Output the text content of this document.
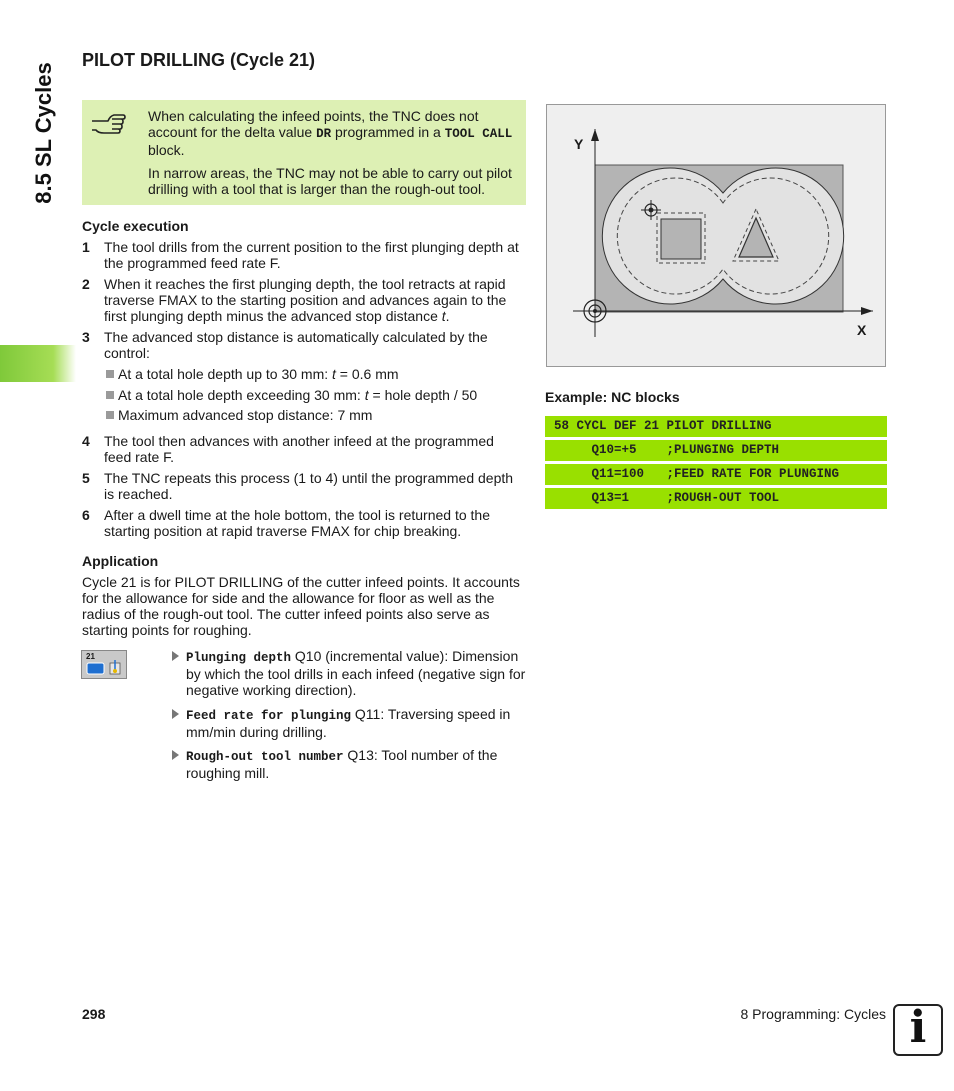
8.5 SL Cycles
PILOT DRILLING (Cycle 21)

When calculating the infeed points, the TNC does not account for the delta value DR programmed in a TOOL CALL block.

In narrow areas, the TNC may not be able to carry out pilot drilling with a tool that is larger than the rough-out tool.

Cycle execution
1 The tool drills from the current position to the first plunging depth at the programmed feed rate F.
2 When it reaches the first plunging depth, the tool retracts at rapid traverse FMAX to the starting position and advances again to the first plunging depth minus the advanced stop distance t.
3 The advanced stop distance is automatically calculated by the control:
At a total hole depth up to 30 mm: t = 0.6 mm
At a total hole depth exceeding 30 mm: t = hole depth / 50
Maximum advanced stop distance: 7 mm
4 The tool then advances with another infeed at the programmed feed rate F.
5 The TNC repeats this process (1 to 4) until the programmed depth is reached.
6 After a dwell time at the hole bottom, the tool is returned to the starting position at rapid traverse FMAX for chip breaking.
Application
Cycle 21 is for PILOT DRILLING of the cutter infeed points. It accounts for the allowance for side and the allowance for floor as well as the radius of the rough-out tool. The cutter infeed points also serve as starting points for roughing.
21	Plunging depth Q10 (incremental value): Dimension by which the tool drills in each infeed (negative sign for negative working direction).
Feed rate for plunging Q11: Traversing speed in mm/min during drilling.
Rough-out tool number Q13: Tool number of the roughing mill.
Y
X
Example: NC blocks
58 CYCL DEF 21 PILOT DRILLING
Q10=+5    ;PLUNGING DEPTH
Q11=100   ;FEED RATE FOR PLUNGING
Q13=1     ;ROUGH-OUT TOOL
298	8 Programming: Cycles i
